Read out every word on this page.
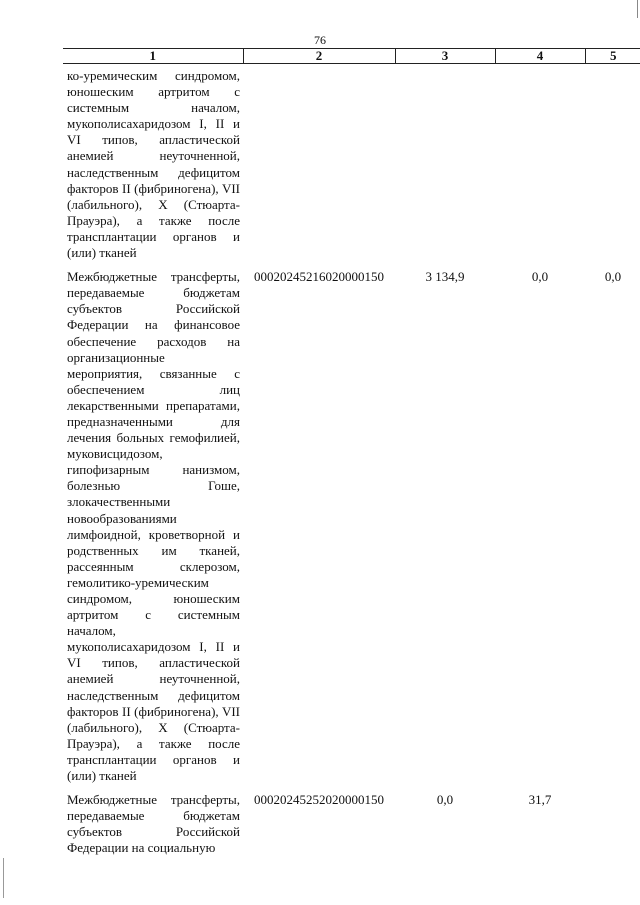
76
1	2	3	4	5
ко-уремическим синдромом, юношеским артритом с системным началом, мукополисахаридозом I, II и VI типов, апластической анемией неуточненной, наследственным дефицитом факторов II (фибриногена), VII (лабильного), X (Стюарта-Прауэра), а также после трансплантации органов и (или) тканей				
Межбюджетные трансферты, передаваемые бюджетам субъектов Российской Федерации на финансовое обеспечение расходов на организационные мероприятия, связанные с обеспечением лиц лекарственными препаратами, предназначенными для лечения больных гемофилией, муковисцидозом, гипофизарным нанизмом, болезнью Гоше, злокачественными новообразованиями лимфоидной, кроветворной и родственных им тканей, рассеянным склерозом, гемолитико-уремическим синдромом, юношеским артритом с системным началом, мукополисахаридозом I, II и VI типов, апластической анемией неуточненной, наследственным дефицитом факторов II (фибриногена), VII (лабильного), X (Стюарта-Прауэра), а также после трансплантации органов и (или) тканей	00020245216020000150	3 134,9	0,0	0,0
Межбюджетные трансферты, передаваемые бюджетам субъектов Российской Федерации на социальную	00020245252020000150	0,0	31,7	
